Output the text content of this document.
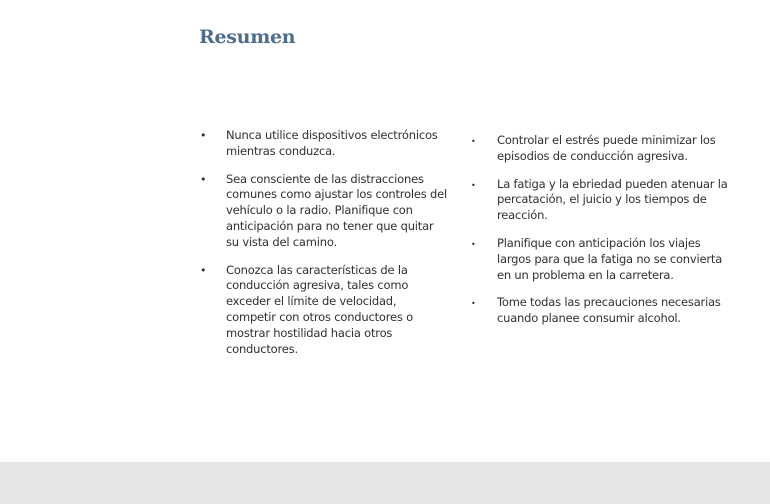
Resumen
• Nunca utilice dispositivos electrónicos mientras conduzca.
• Sea consciente de las distracciones comunes como ajustar los controles del vehículo o la radio. Planifique con anticipación para no tener que quitar su vista del camino.
• Conozca las características de la conducción agresiva, tales como exceder el límite de velocidad, competir con otros conductores o mostrar hostilidad hacia otros conductores.
• Controlar el estrés puede minimizar los episodios de conducción agresiva.
• La fatiga y la ebriedad pueden atenuar la percatación, el juicio y los tiempos de reacción.
• Planifique con anticipación los viajes largos para que la fatiga no se convierta en un problema en la carretera.
• Tome todas las precauciones necesarias cuando planee consumir alcohol.
